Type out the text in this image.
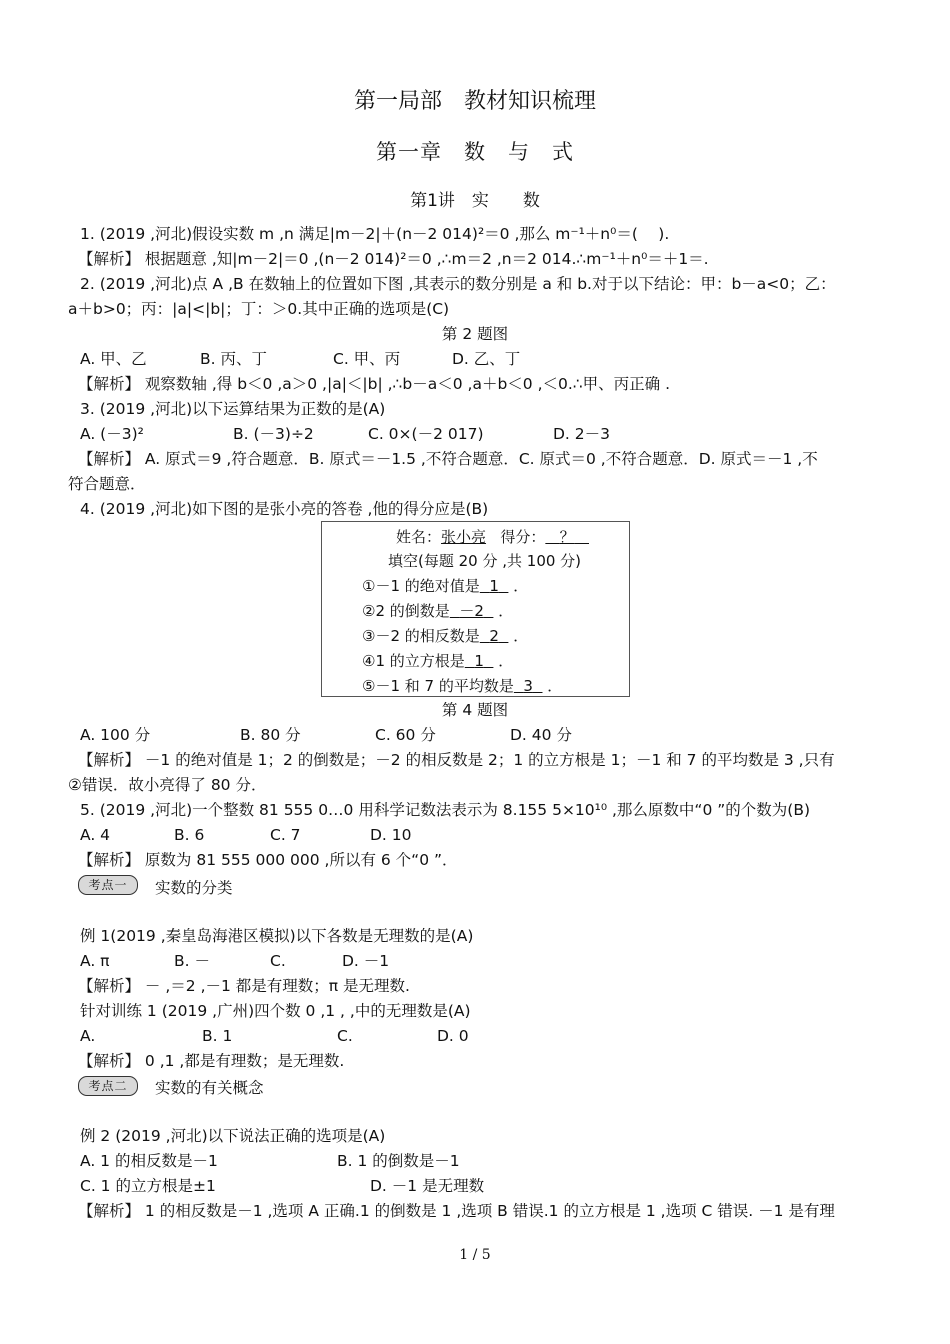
第一局部　教材知识梳理
第一章　数　与　式
第1讲　实　　数
1. (2019 ,河北)假设实数 m ,n 满足|m－2|＋(n－2 014)²＝0 ,那么 m⁻¹＋n⁰＝(　 ).
【解析】 根据题意 ,知|m－2|＝0 ,(n－2 014)²＝0 ,∴m＝2 ,n＝2 014.∴m⁻¹＋n⁰＝＋1＝.
2. (2019 ,河北)点 A ,B 在数轴上的位置如下图 ,其表示的数分别是 a 和 b.对于以下结论：甲：b－a<0；乙：
a＋b>0；丙：|a|<|b|；丁：＞0.其中正确的选项是(C)
第 2 题图
A. 甲、乙	B. 丙、丁	C. 甲、丙	D. 乙、丁
【解析】 观察数轴 ,得 b＜0 ,a＞0 ,|a|＜|b| ,∴b－a＜0 ,a＋b＜0 ,＜0.∴甲、丙正确 .
3. (2019 ,河北)以下运算结果为正数的是(A)
A. (－3)²	B. (－3)÷2	C. 0×(－2 017)	D. 2－3
【解析】 A. 原式＝9 ,符合题意．B. 原式＝－1.5 ,不符合题意．C. 原式＝0 ,不符合题意．D. 原式＝－1 ,不
符合题意．
4. (2019 ,河北)如下图的是张小亮的答卷 ,他的得分应是(B)
姓名：张小亮 得分： ？
填空(每题 20 分 ,共 100 分)
①－1 的绝对值是 1 ．
②2 的倒数是 －2 ．
③－2 的相反数是 2 ．
④1 的立方根是 1 ．
⑤－1 和 7 的平均数是 3 ．
第 4 题图
A. 100 分	B. 80 分	C. 60 分	D. 40 分
【解析】 －1 的绝对值是 1；2 的倒数是；－2 的相反数是 2；1 的立方根是 1；－1 和 7 的平均数是 3 ,只有
②错误．故小亮得了 80 分．
5. (2019 ,河北)一个整数 81 555 0…0 用科学记数法表示为 8.155 5×10¹⁰ ,那么原数中“0 ”的个数为(B)
A. 4	B. 6	C. 7	D. 10
【解析】 原数为 81 555 000 000 ,所以有 6 个“0 ”．
考点一	实数的分类
例 1(2019 ,秦皇岛海港区模拟)以下各数是无理数的是(A)
A. π	B. －	C.	D. －1
【解析】 － ,＝2 ,－1 都是有理数；π 是无理数.
针对训练 1 (2019 ,广州)四个数 0 ,1 , ,中的无理数是(A)
A.	B. 1	C.	D. 0
【解析】 0 ,1 ,都是有理数；是无理数.
考点二	实数的有关概念
例 2 (2019 ,河北)以下说法正确的选项是(A)
A. 1 的相反数是－1	B. 1 的倒数是－1
C. 1 的立方根是±1	D. －1 是无理数
【解析】 1 的相反数是－1 ,选项 A 正确.1 的倒数是 1 ,选项 B 错误.1 的立方根是 1 ,选项 C 错误. －1 是有理
1 / 5
